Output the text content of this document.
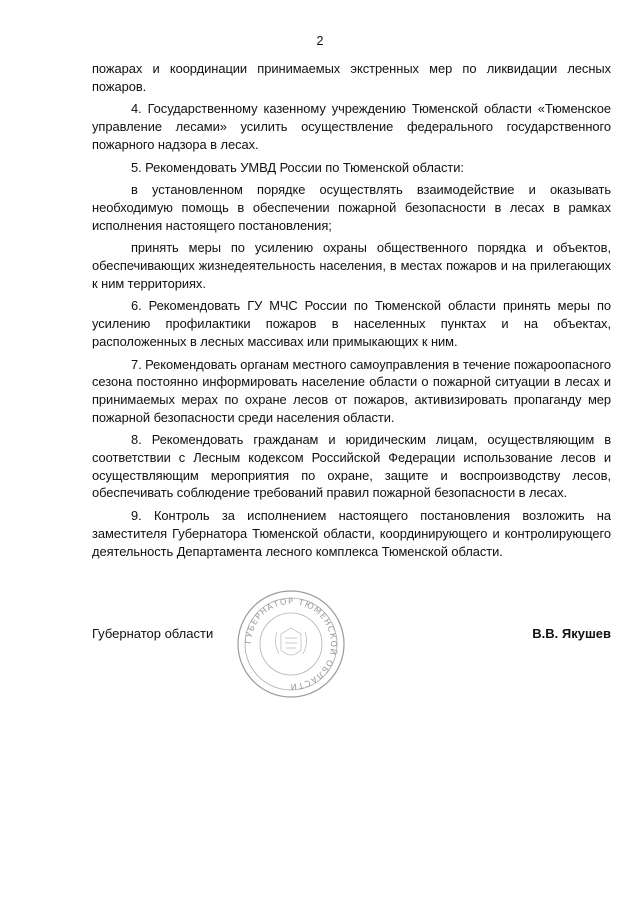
2

пожарах и координации принимаемых экстренных мер по ликвидации лесных пожаров.

4. Государственному казенному учреждению Тюменской области «Тюменское управление лесами» усилить осуществление федерального государственного пожарного надзора в лесах.

5. Рекомендовать УМВД России по Тюменской области:

в установленном порядке осуществлять взаимодействие и оказывать необходимую помощь в обеспечении пожарной безопасности в лесах в рамках исполнения настоящего постановления;

принять меры по усилению охраны общественного порядка и объектов, обеспечивающих жизнедеятельность населения, в местах пожаров и на прилегающих к ним территориях.

6. Рекомендовать ГУ МЧС России по Тюменской области принять меры по усилению профилактики пожаров в населенных пунктах и на объектах, расположенных в лесных массивах или примыкающих к ним.

7. Рекомендовать органам местного самоуправления в течение пожароопасного сезона постоянно информировать население области о пожарной ситуации в лесах и принимаемых мерах по охране лесов от пожаров, активизировать пропаганду мер пожарной безопасности среди населения области.

8. Рекомендовать гражданам и юридическим лицам, осуществляющим в соответствии с Лесным кодексом Российской Федерации использование лесов и осуществляющим мероприятия по охране, защите и воспроизводству лесов, обеспечивать соблюдение требований правил пожарной безопасности в лесах.

9. Контроль за исполнением настоящего постановления возложить на заместителя Губернатора Тюменской области, координирующего и контролирующего деятельность Департамента лесного комплекса Тюменской области.

ГУБЕРНАТОР ТЮМЕНСКОЙ ОБЛАСТИ
Губернатор области	В.В. Якушев
